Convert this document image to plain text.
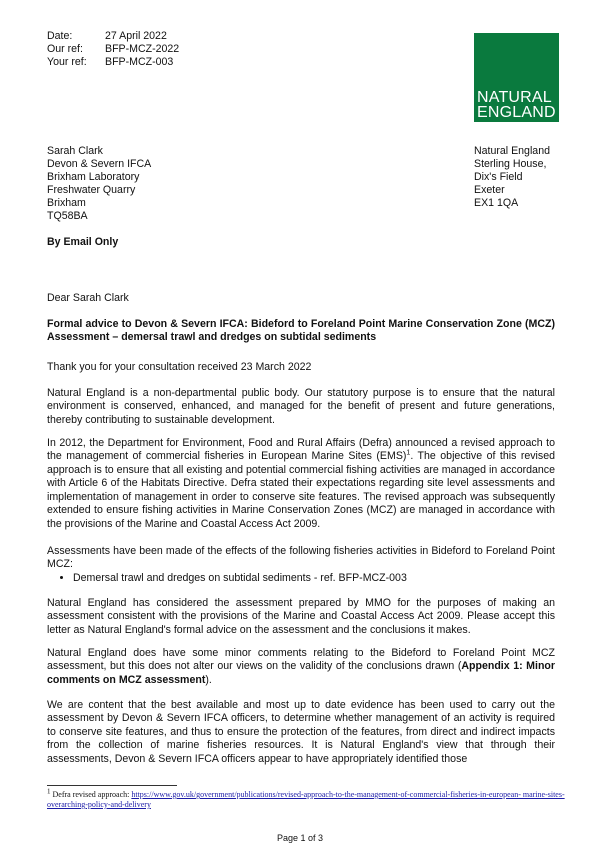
Date:	27 April 2022
Our ref:	BFP-MCZ-2022
Your ref:	BFP-MCZ-003
NATURAL
ENGLAND
Sarah Clark
Devon & Severn IFCA
Brixham Laboratory
Freshwater Quarry
Brixham
TQ58BA
Natural England
Sterling House,
Dix's Field
Exeter
EX1 1QA
By Email Only
Dear Sarah Clark
Formal advice to Devon & Severn IFCA: Bideford to Foreland Point Marine Conservation Zone (MCZ) Assessment – demersal trawl and dredges on subtidal sediments
Thank you for your consultation received 23 March 2022
Natural England is a non-departmental public body. Our statutory purpose is to ensure that the natural environment is conserved, enhanced, and managed for the benefit of present and future generations, thereby contributing to sustainable development.
In 2012, the Department for Environment, Food and Rural Affairs (Defra) announced a revised approach to the management of commercial fisheries in European Marine Sites (EMS)$^1$. The objective of this revised approach is to ensure that all existing and potential commercial fishing activities are managed in accordance with Article 6 of the Habitats Directive. Defra stated their expectations regarding site level assessments and implementation of management in order to conserve site features. The revised approach was subsequently extended to ensure fishing activities in Marine Conservation Zones (MCZ) are managed in accordance with the provisions of the Marine and Coastal Access Act 2009.
Assessments have been made of the effects of the following fisheries activities in Bideford to Foreland Point MCZ:
• Demersal trawl and dredges on subtidal sediments - ref. BFP-MCZ-003
Natural England has considered the assessment prepared by MMO for the purposes of making an assessment consistent with the provisions of the Marine and Coastal Access Act 2009. Please accept this letter as Natural England's formal advice on the assessment and the conclusions it makes.
Natural England does have some minor comments relating to the Bideford to Foreland Point MCZ assessment, but this does not alter our views on the validity of the conclusions drawn (Appendix 1: Minor comments on MCZ assessment).
We are content that the best available and most up to date evidence has been used to carry out the assessment by Devon & Severn IFCA officers, to determine whether management of an activity is required to conserve site features, and thus to ensure the protection of the features, from direct and indirect impacts from the collection of marine fisheries resources. It is Natural England's view that through their assessments, Devon & Severn IFCA officers appear to have appropriately identified those
$^1$ Defra revised approach: https://www.gov.uk/government/publications/revised-approach-to-the-management-of-commercial-fisheries-in-european- marine-sites-overarching-policy-and-delivery
Page 1 of 3
